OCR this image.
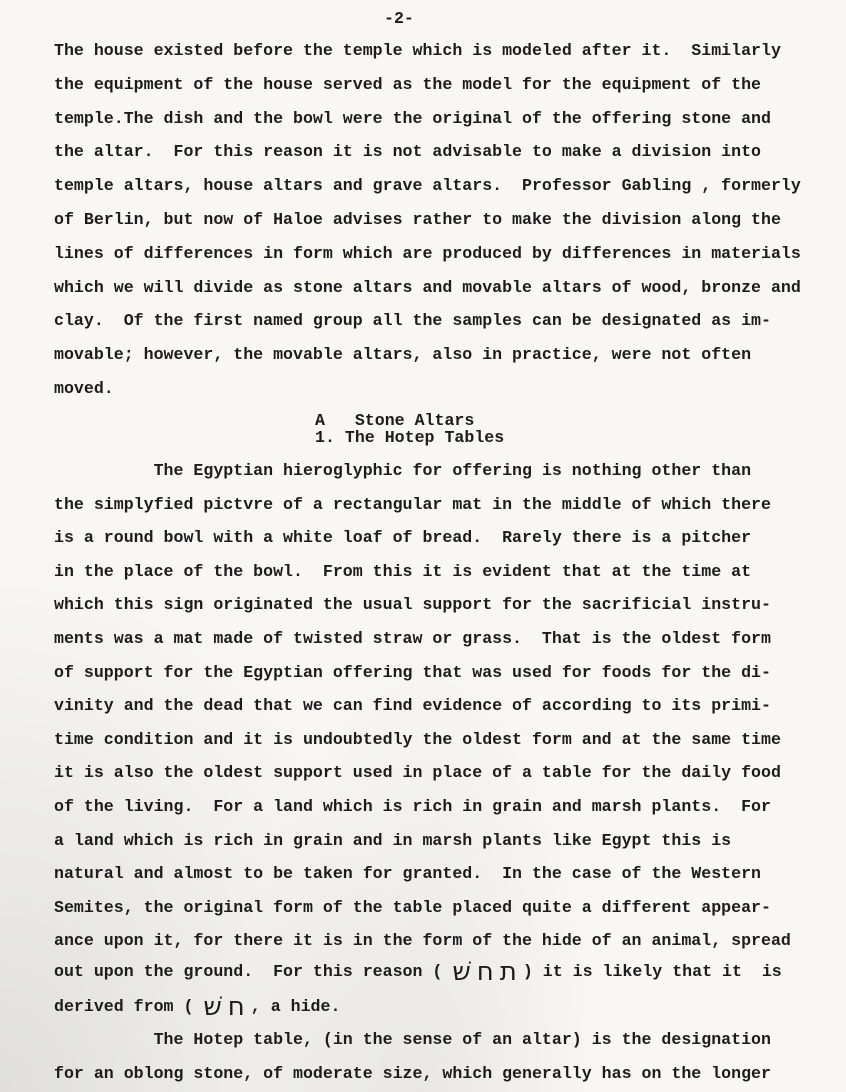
-2-
The house existed before the temple which is modeled after it.  Similarly
the equipment of the house served as the model for the equipment of the
temple.The dish and the bowl were the original of the offering stone and
the altar.  For this reason it is not advisable to make a division into
temple altars, house altars and grave altars.  Professor Gabling , formerly
of Berlin, but now of Haloe advises rather to make the division along the
lines of differences in form which are produced by differences in materials
which we will divide as stone altars and movable altars of wood, bronze and
clay.  Of the first named group all the samples can be designated as im-
movable; however, the movable altars, also in practice, were not often
moved.
A   Stone Altars
1. The Hotep Tables
The Egyptian hieroglyphic for offering is nothing other than
the simplyfied pictvre of a rectangular mat in the middle of which there
is a round bowl with a white loaf of bread.  Rarely there is a pitcher
in the place of the bowl.  From this it is evident that at the time at
which this sign originated the usual support for the sacrificial instru-
ments was a mat made of twisted straw or grass.  That is the oldest form
of support for the Egyptian offering that was used for foods for the di-
vinity and the dead that we can find evidence of according to its primi-
time condition and it is undoubtedly the oldest form and at the same time
it is also the oldest support used in place of a table for the daily food
of the living.  For a land which is rich in grain and marsh plants.  For
a land which is rich in grain and in marsh plants like Egypt this is
natural and almost to be taken for granted.  In the case of the Western
Semites, the original form of the table placed quite a different appear-
ance upon it, for there it is in the form of the hide of an animal, spread
out upon the ground.  For this reason ( תחשׁ) it is likely that it  is
derived from ( חשׁ, a hide.
The Hotep table, (in the sense of an altar) is the designation
for an oblong stone, of moderate size, which generally has on the longer
